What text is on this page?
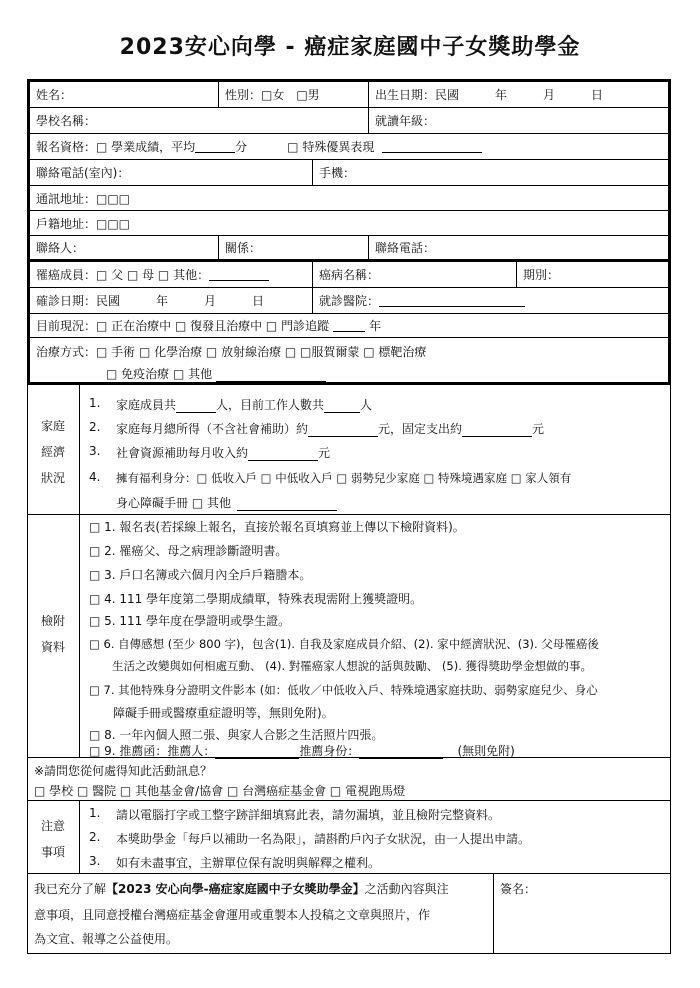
2023安心向學 - 癌症家庭國中子女獎助學金
姓名：	性別：□女　□男	出生日期：民國　　　年　　　月　　　日
學校名稱：	就讀年級：
報名資格：□ 學業成績，平均	分	□ 特殊優異表現
聯絡電話(室內)：	手機：
通訊地址：□□□
戶籍地址：□□□
聯絡人：	關係：	聯絡電話：
罹癌成員：□ 父 □ 母 □ 其他：	癌病名稱：	期別：
確診日期：民國　　　年　　　月　　　日	就診醫院：
目前現況：□ 正在治療中 □ 復發且治療中 □ 門診追蹤	年
治療方式：□ 手術 □ 化學治療 □ 放射線治療 □ □服賀爾蒙 □ 標靶治療
□ 免疫治療 □ 其他
家庭
經濟
狀況
1. 家庭成員共	人，目前工作人數共	人
2. 家庭每月總所得（不含社會補助）約	元，固定支出約	元
3. 社會資源補助每月收入約	元
4. 擁有福利身分：□ 低收入戶 □ 中低收入戶 □ 弱勢兒少家庭 □ 特殊境遇家庭 □ 家人領有
身心障礙手冊 □ 其他
檢附
資料
□ 1. 報名表(若採線上報名，直接於報名頁填寫並上傳以下檢附資料)。
□ 2. 罹癌父、母之病理診斷證明書。
□ 3. 戶口名簿或六個月內全戶戶籍謄本。
□ 4. 111 學年度第二學期成績單，特殊表現需附上獲獎證明。
□ 5. 111 學年度在學證明或學生證。
□ 6. 自傳感想 (至少 800 字)，包含(1). 自我及家庭成員介紹、(2). 家中經濟狀況、(3). 父母罹癌後
　　生活之改變與如何相處互動、 (4). 對罹癌家人想說的話與鼓勵、 (5). 獲得獎助學金想做的事。
□ 7. 其他特殊身分證明文件影本 (如：低收／中低收入戶、特殊境遇家庭扶助、弱勢家庭兒少、身心
　　障礙手冊或醫療重症證明等，無則免附)。
□ 8. 一年內個人照二張、與家人合影之生活照片四張。
□ 9. 推薦函：推薦人：	推薦身份：	(無則免附)
※請問您從何處得知此活動訊息？
□ 學校 □ 醫院 □ 其他基金會/協會 □ 台灣癌症基金會 □ 電視跑馬燈
注意
事項
1. 請以電腦打字或工整字跡詳細填寫此表，請勿漏填，並且檢附完整資料。
2. 本獎助學金「每戶以補助一名為限」，請斟酌戶內子女狀況，由一人提出申請。
3. 如有未盡事宜，主辦單位保有說明與解釋之權利。
我已充分了解【2023 安心向學-癌症家庭國中子女獎助學金】之活動內容與注
意事項，且同意授權台灣癌症基金會運用或重製本人投稿之文章與照片，作
為文宣、報導之公益使用。
簽名：
